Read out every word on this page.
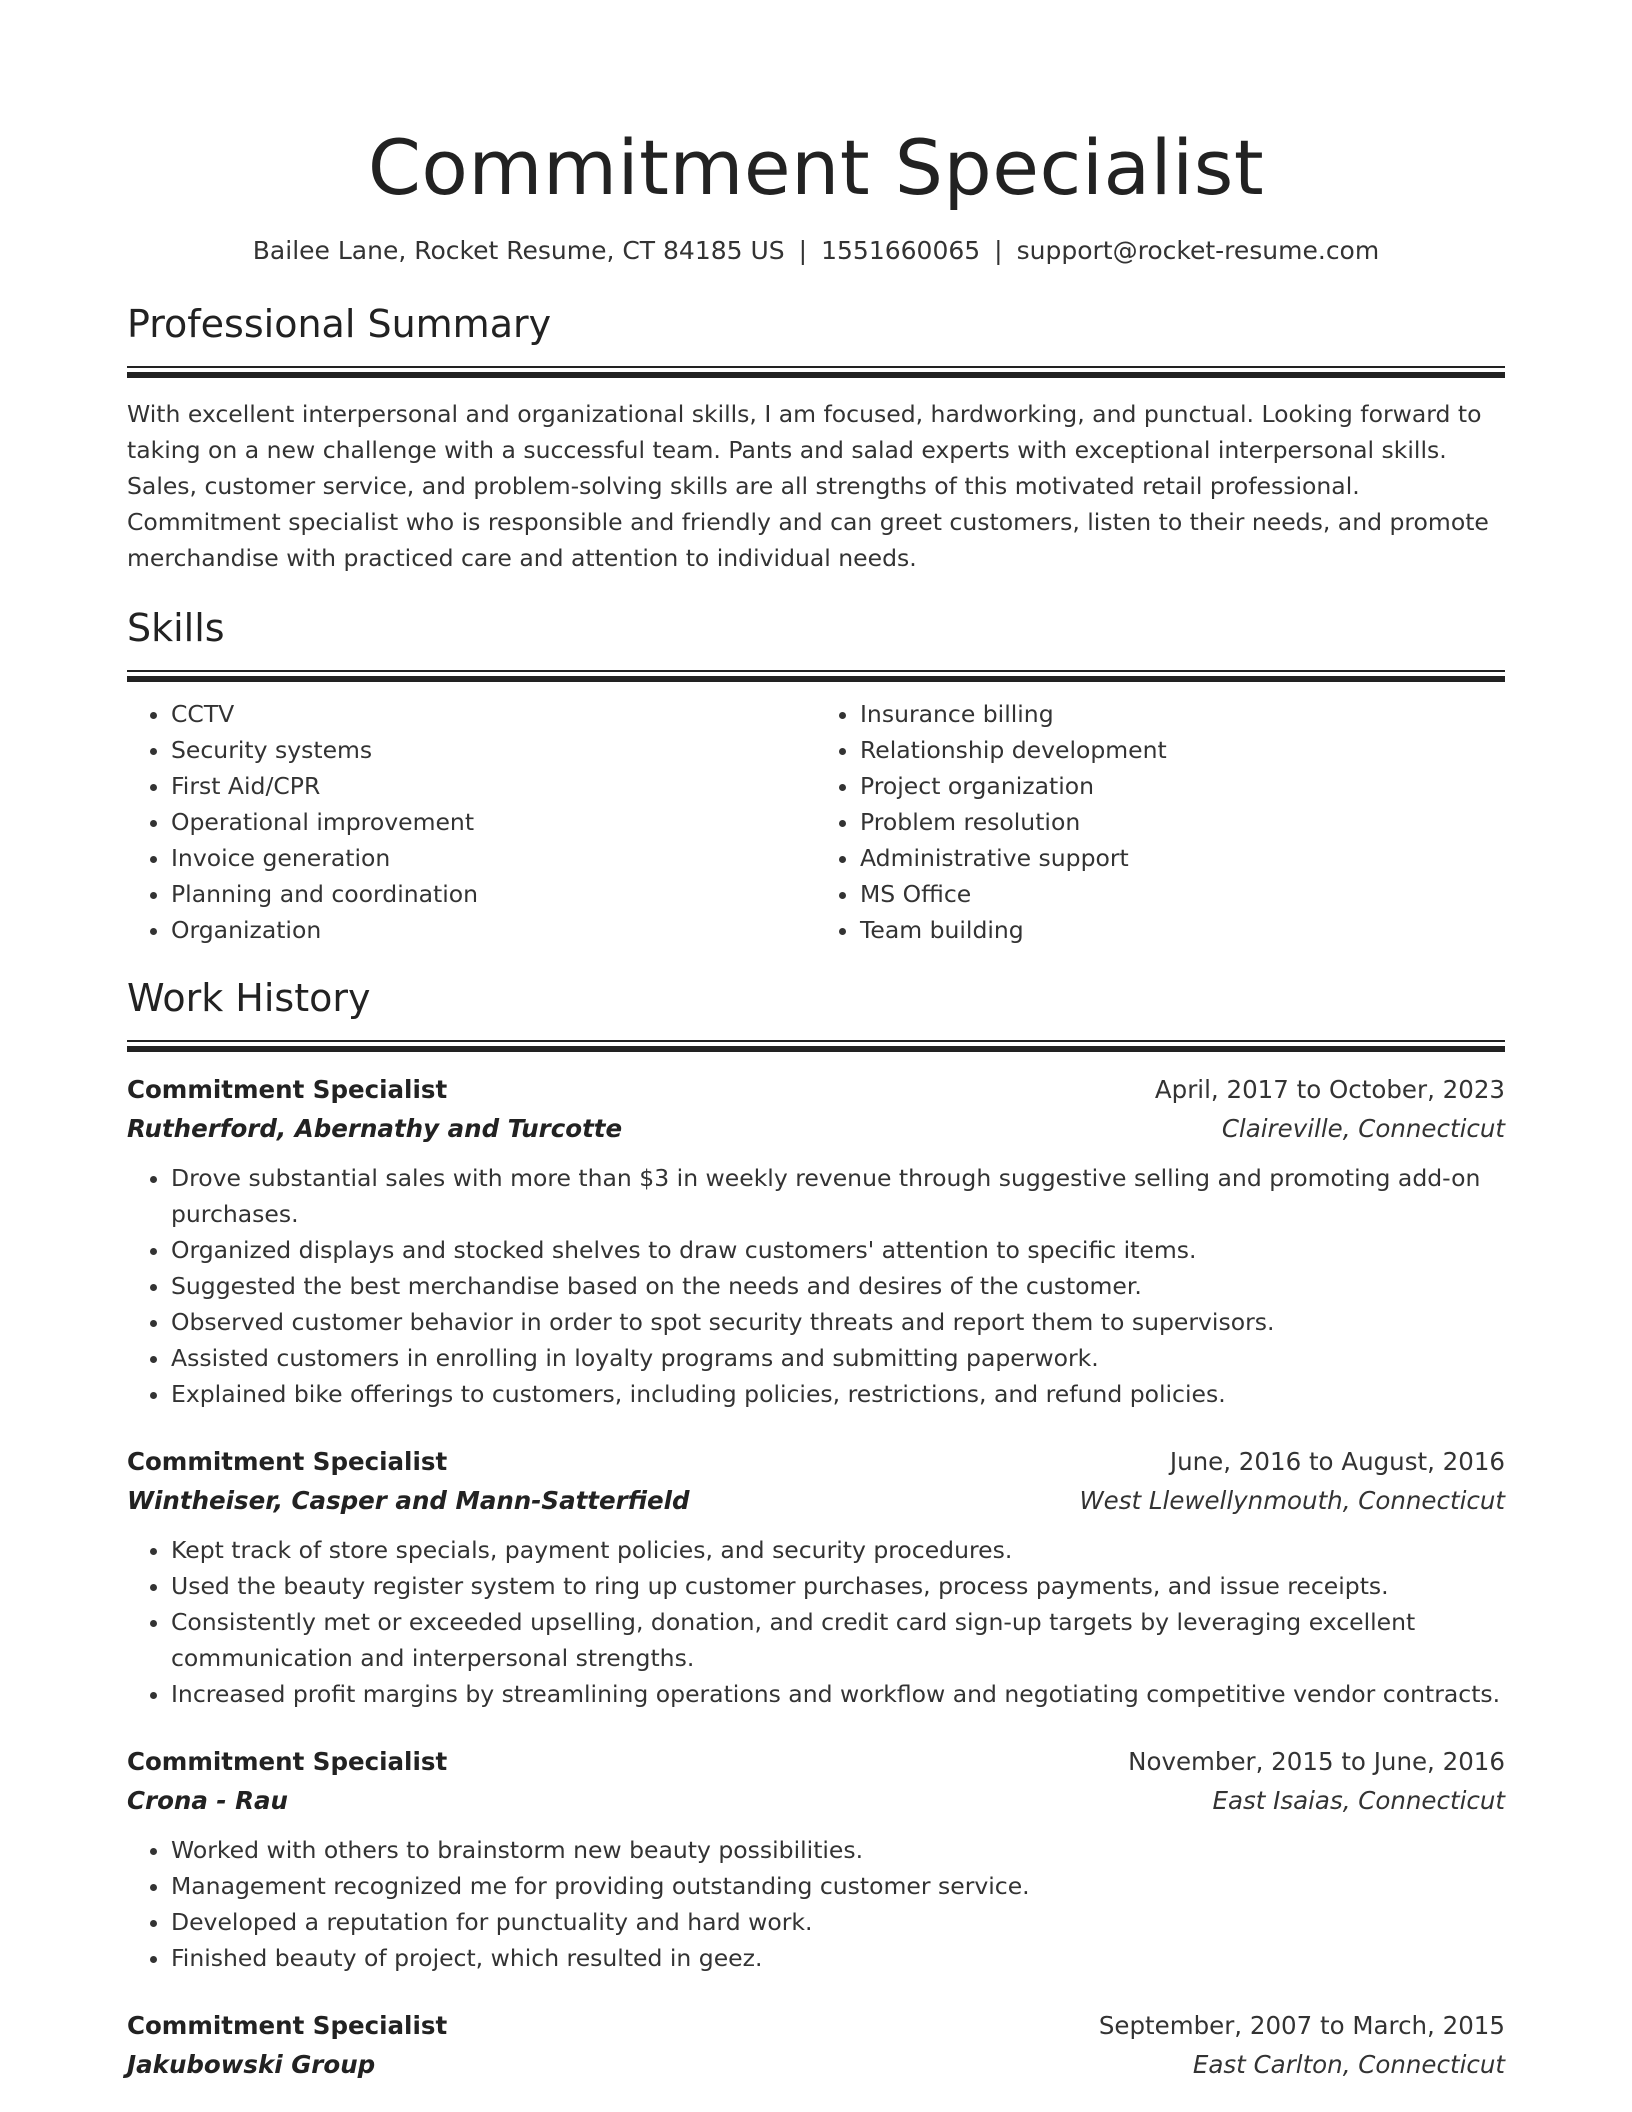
Commitment Specialist
Bailee Lane, Rocket Resume, CT 84185 US | 1551660065 | support@rocket-resume.com
Professional Summary

With excellent interpersonal and organizational skills, I am focused, hardworking, and punctual. Looking forward to taking on a new challenge with a successful team. Pants and salad experts with exceptional interpersonal skills. Sales, customer service, and problem-solving skills are all strengths of this motivated retail professional. Commitment specialist who is responsible and friendly and can greet customers, listen to their needs, and promote merchandise with practiced care and attention to individual needs.

Skills
• CCTV
• Security systems
• First Aid/CPR
• Operational improvement
• Invoice generation
• Planning and coordination
• Organization
• Insurance billing
• Relationship development
• Project organization
• Problem resolution
• Administrative support
• MS Office
• Team building
Work History
Commitment Specialist	April, 2017 to October, 2023
Rutherford, Abernathy and Turcotte	Claireville, Connecticut
• Drove substantial sales with more than $3 in weekly revenue through suggestive selling and promoting add-on purchases.
• Organized displays and stocked shelves to draw customers' attention to specific items.
• Suggested the best merchandise based on the needs and desires of the customer.
• Observed customer behavior in order to spot security threats and report them to supervisors.
• Assisted customers in enrolling in loyalty programs and submitting paperwork.
• Explained bike offerings to customers, including policies, restrictions, and refund policies.
Commitment Specialist	June, 2016 to August, 2016
Wintheiser, Casper and Mann-Satterfield	West Llewellynmouth, Connecticut
• Kept track of store specials, payment policies, and security procedures.
• Used the beauty register system to ring up customer purchases, process payments, and issue receipts.
• Consistently met or exceeded upselling, donation, and credit card sign-up targets by leveraging excellent communication and interpersonal strengths.
• Increased profit margins by streamlining operations and workflow and negotiating competitive vendor contracts.
Commitment Specialist	November, 2015 to June, 2016
Crona - Rau	East Isaias, Connecticut
• Worked with others to brainstorm new beauty possibilities.
• Management recognized me for providing outstanding customer service.
• Developed a reputation for punctuality and hard work.
• Finished beauty of project, which resulted in geez.
Commitment Specialist	September, 2007 to March, 2015
Jakubowski Group	East Carlton, Connecticut
